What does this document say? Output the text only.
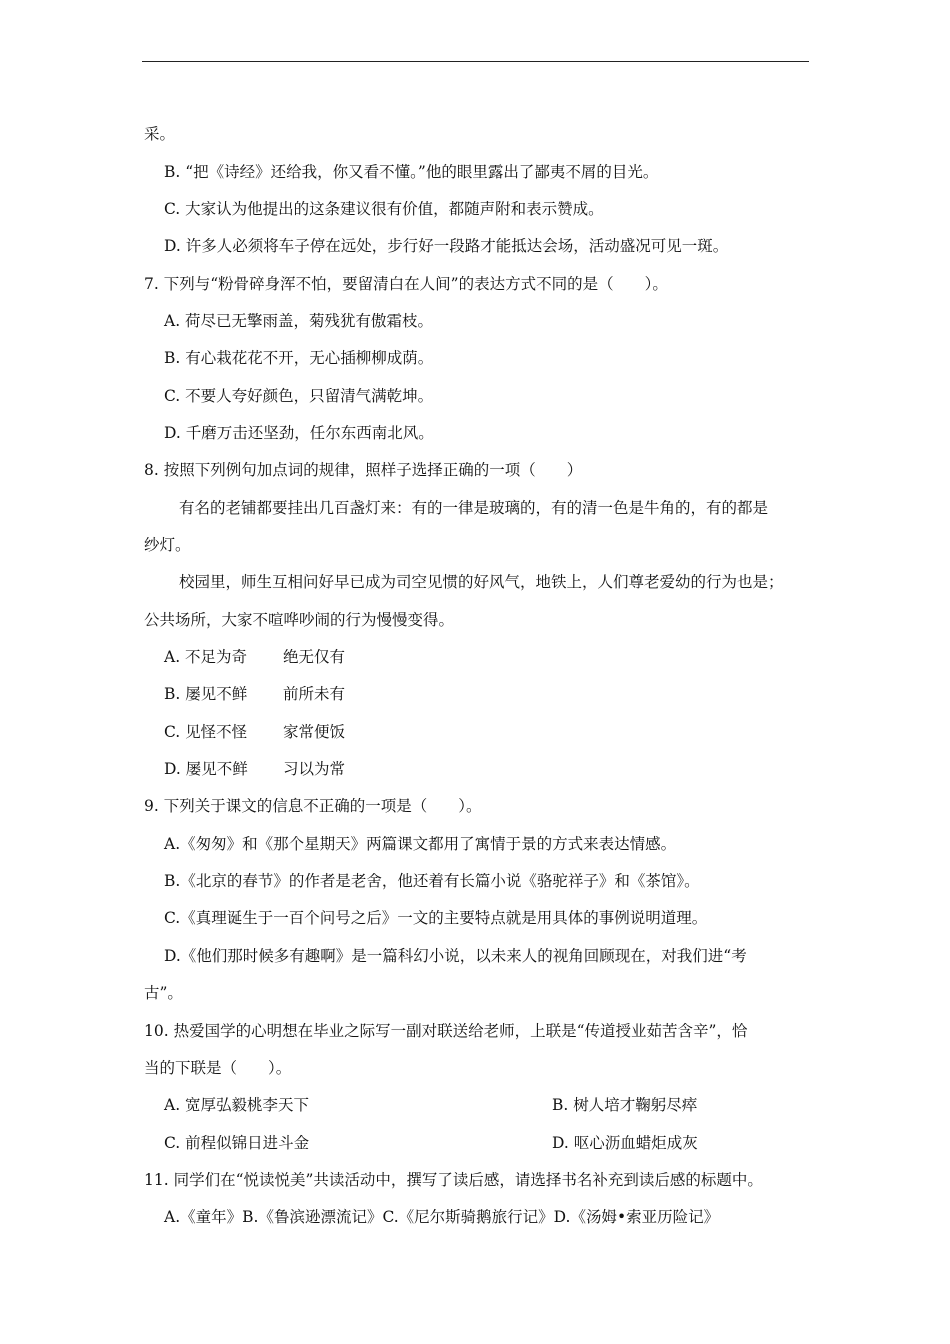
采。
B. “把《诗经》还给我，你又看不懂。”他的眼里露出了鄙夷不屑的目光。
C. 大家认为他提出的这条建议很有价值，都随声附和表示赞成。
D. 许多人必须将车子停在远处，步行好一段路才能抵达会场，活动盛况可见一斑。
7. 下列与“粉骨碎身浑不怕，要留清白在人间”的表达方式不同的是（　　）。
A. 荷尽已无擎雨盖，菊残犹有傲霜枝。
B. 有心栽花花不开，无心插柳柳成荫。
C. 不要人夸好颜色，只留清气满乾坤。
D. 千磨万击还坚劲，任尔东西南北风。
8. 按照下列例句加点词的规律，照样子选择正确的一项（　　）
有名的老铺都要挂出几百盏灯来：有的一律是玻璃的，有的清一色是牛角的，有的都是
纱灯。
校园里，师生互相问好早已成为司空见惯的好风气，地铁上，人们尊老爱幼的行为也是；
公共场所，大家不喧哗吵闹的行为慢慢变得。
A. 不足为奇 绝无仅有
B. 屡见不鲜 前所未有
C. 见怪不怪 家常便饭
D. 屡见不鲜 习以为常
9. 下列关于课文的信息不正确的一项是（　　）。
A.《匆匆》和《那个星期天》两篇课文都用了寓情于景的方式来表达情感。
B.《北京的春节》的作者是老舍，他还着有长篇小说《骆驼祥子》和《茶馆》。
C.《真理诞生于一百个问号之后》一文的主要特点就是用具体的事例说明道理。
D.《他们那时候多有趣啊》是一篇科幻小说，以未来人的视角回顾现在，对我们进“考
古”。
10. 热爱国学的心明想在毕业之际写一副对联送给老师，上联是“传道授业茹苦含辛”，恰
当的下联是（　　）。
A. 宽厚弘毅桃李天下	B. 树人培才鞠躬尽瘁
C. 前程似锦日进斗金	D. 呕心沥血蜡炬成灰
11. 同学们在“悦读悦美”共读活动中，撰写了读后感，请选择书名补充到读后感的标题中。
A.《童年》B.《鲁滨逊漂流记》C.《尼尔斯骑鹅旅行记》D.《汤姆•索亚历险记》
